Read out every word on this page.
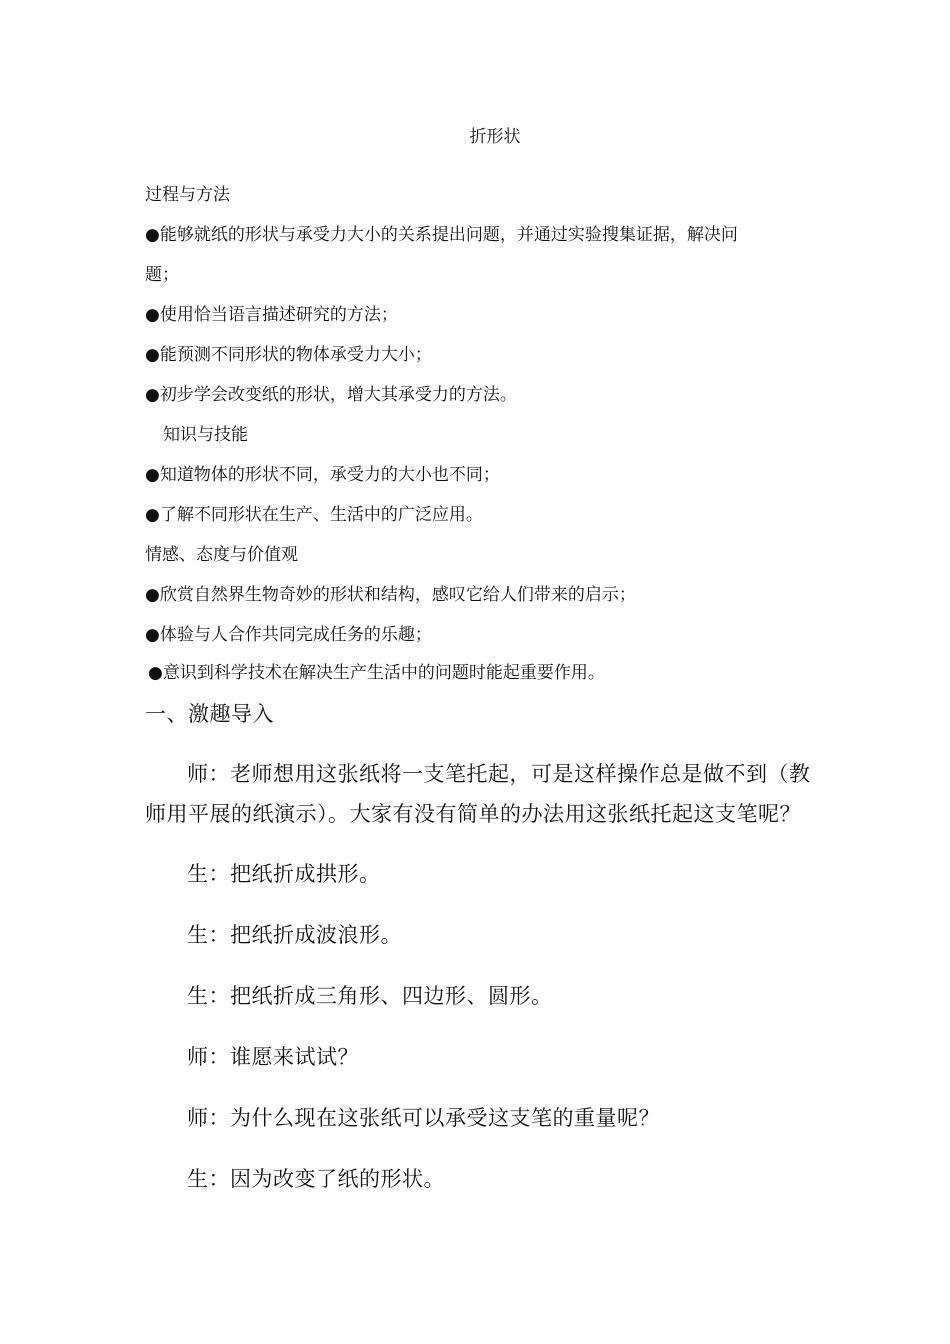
折形状
过程与方法
●能够就纸的形状与承受力大小的关系提出问题，并通过实验搜集证据，解决问
题；
●使用恰当语言描述研究的方法；
●能预测不同形状的物体承受力大小；
●初步学会改变纸的形状，增大其承受力的方法。
知识与技能
●知道物体的形状不同，承受力的大小也不同；
●了解不同形状在生产、生活中的广泛应用。
情感、态度与价值观
●欣赏自然界生物奇妙的形状和结构，感叹它给人们带来的启示；
●体验与人合作共同完成任务的乐趣；
●意识到科学技术在解决生产生活中的问题时能起重要作用。
一、激趣导入
师：老师想用这张纸将一支笔托起，可是这样操作总是做不到（教
师用平展的纸演示）。大家有没有简单的办法用这张纸托起这支笔呢？
生：把纸折成拱形。
生：把纸折成波浪形。
生：把纸折成三角形、四边形、圆形。
师：谁愿来试试？
师：为什么现在这张纸可以承受这支笔的重量呢？
生：因为改变了纸的形状。
